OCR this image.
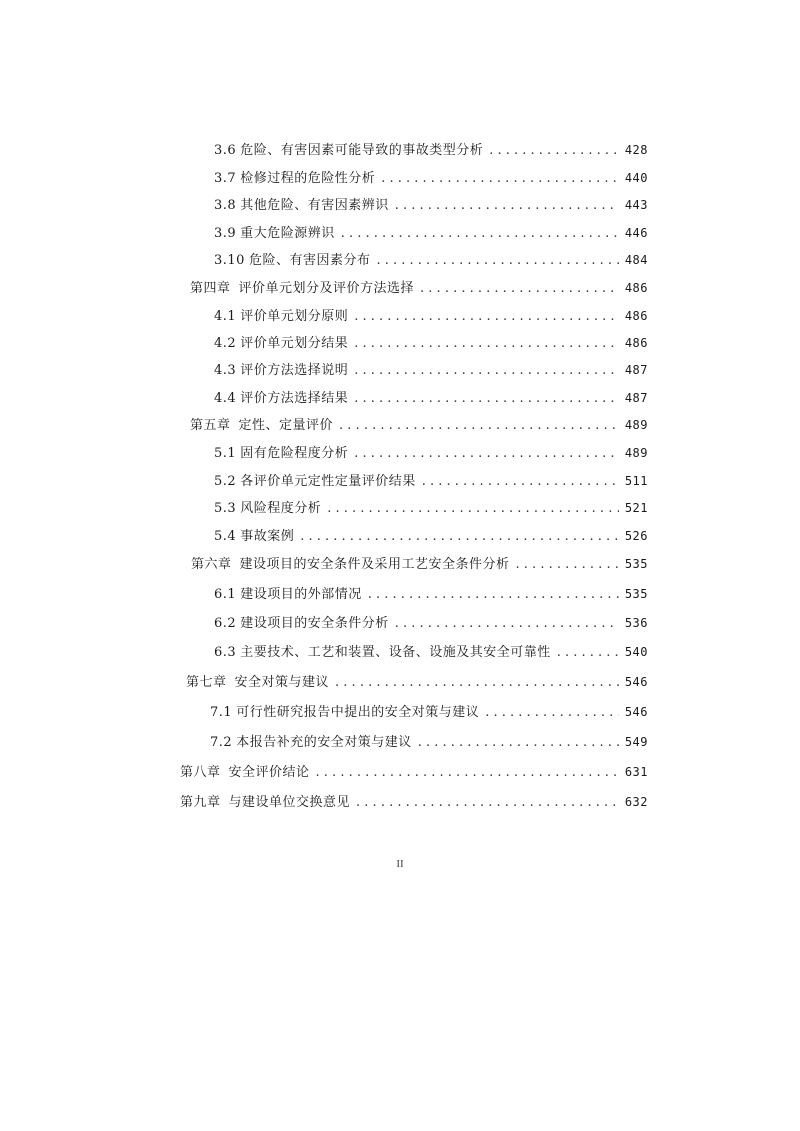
3.6 危险、有害因素可能导致的事故类型分析 . . .	428
3.7 检修过程的危险性分析 . . .	440
3.8 其他危险、有害因素辨识 . . .	443
3.9 重大危险源辨识 . . .	446
3.10 危险、有害因素分布 . . .	484
第四章 评价单元划分及评价方法选择 . . .	486
4.1 评价单元划分原则 . . .	486
4.2 评价单元划分结果 . . .	486
4.3 评价方法选择说明 . . .	487
4.4 评价方法选择结果 . . .	487
第五章 定性、定量评价 . . .	489
5.1 固有危险程度分析 . . .	489
5.2 各评价单元定性定量评价结果 . . .	511
5.3 风险程度分析 . . .	521
5.4 事故案例 . . .	526
第六章 建设项目的安全条件及采用工艺安全条件分析 . . .	535
6.1 建设项目的外部情况 . . .	535
6.2 建设项目的安全条件分析 . . .	536
6.3 主要技术、工艺和装置、设备、设施及其安全可靠性 . . .	540
第七章 安全对策与建议 . . .	546
7.1 可行性研究报告中提出的安全对策与建议 . . .	546
7.2 本报告补充的安全对策与建议 . . .	549
第八章 安全评价结论 . . .	631
第九章 与建设单位交换意见 . . .	632
II
